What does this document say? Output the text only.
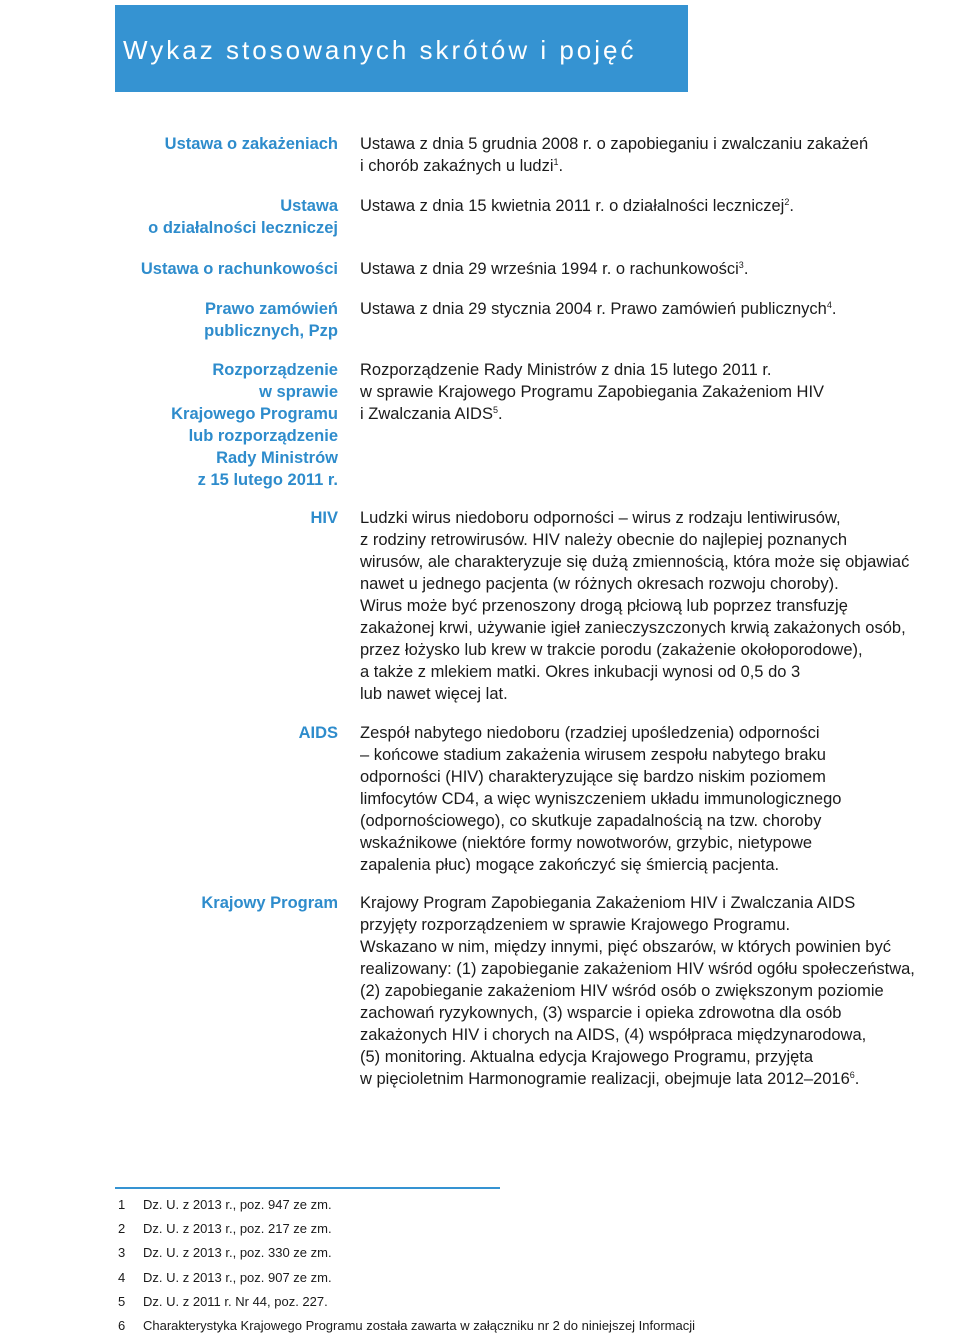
Wykaz stosowanych skrótów i pojęć
Ustawa o zakażeniach Ustawa z dnia 5 grudnia 2008 r. o zapobieganiu i zwalczaniu zakażeń
i chorób zakaźnych u ludzi$^1$.
Ustawa
o działalności leczniczej
Ustawa z dnia 15 kwietnia 2011 r. o działalności leczniczej$^2$.
Ustawa o rachunkowości Ustawa z dnia 29 września 1994 r. o rachunkowości$^3$.
Prawo zamówień
publicznych, Pzp
Ustawa z dnia 29 stycznia 2004 r. Prawo zamówień publicznych$^4$.
Rozporządzenie
w sprawie
Krajowego Programu
lub rozporządzenie
Rady Ministrów
z 15 lutego 2011 r.
Rozporządzenie Rady Ministrów z dnia 15 lutego 2011 r.
w sprawie Krajowego Programu Zapobiegania Zakażeniom HIV
i Zwalczania AIDS$^5$.
HIV Ludzki wirus niedoboru odporności – wirus z rodzaju lentiwirusów,
z rodziny retrowirusów. HIV należy obecnie do najlepiej poznanych
wirusów, ale charakteryzuje się dużą zmiennością, która może się objawiać
nawet u jednego pacjenta (w różnych okresach rozwoju choroby).
Wirus może być przenoszony drogą płciową lub poprzez transfuzję
zakażonej krwi, używanie igieł zanieczyszczonych krwią zakażonych osób,
przez łożysko lub krew w trakcie porodu (zakażenie okołoporodowe),
a także z mlekiem matki. Okres inkubacji wynosi od 0,5 do 3
lub nawet więcej lat.
AIDS Zespół nabytego niedoboru (rzadziej upośledzenia) odporności
– końcowe stadium zakażenia wirusem zespołu nabytego braku
odporności (HIV) charakteryzujące się bardzo niskim poziomem
limfocytów CD4, a więc wyniszczeniem układu immunologicznego
(odpornościowego), co skutkuje zapadalnością na tzw. choroby
wskaźnikowe (niektóre formy nowotworów, grzybic, nietypowe
zapalenia płuc) mogące zakończyć się śmiercią pacjenta.
Krajowy Program Krajowy Program Zapobiegania Zakażeniom HIV i Zwalczania AIDS
przyjęty rozporządzeniem w sprawie Krajowego Programu.
Wskazano w nim, między innymi, pięć obszarów, w których powinien być
realizowany: (1) zapobieganie zakażeniom HIV wśród ogółu społeczeństwa,
(2) zapobieganie zakażeniom HIV wśród osób o zwiększonym poziomie
zachowań ryzykownych, (3) wsparcie i opieka zdrowotna dla osób
zakażonych HIV i chorych na AIDS, (4) współpraca międzynarodowa,
(5) monitoring. Aktualna edycja Krajowego Programu, przyjęta
w pięcioletnim Harmonogramie realizacji, obejmuje lata 2012–2016$^6$.
1 Dz. U. z 2013 r., poz. 947 ze zm.
2 Dz. U. z 2013 r., poz. 217 ze zm.
3 Dz. U. z 2013 r., poz. 330 ze zm.
4 Dz. U. z 2013 r., poz. 907 ze zm.
5 Dz. U. z 2011 r. Nr 44, poz. 227.
6 Charakterystyka Krajowego Programu została zawarta w załączniku nr 2 do niniejszej Informacji
